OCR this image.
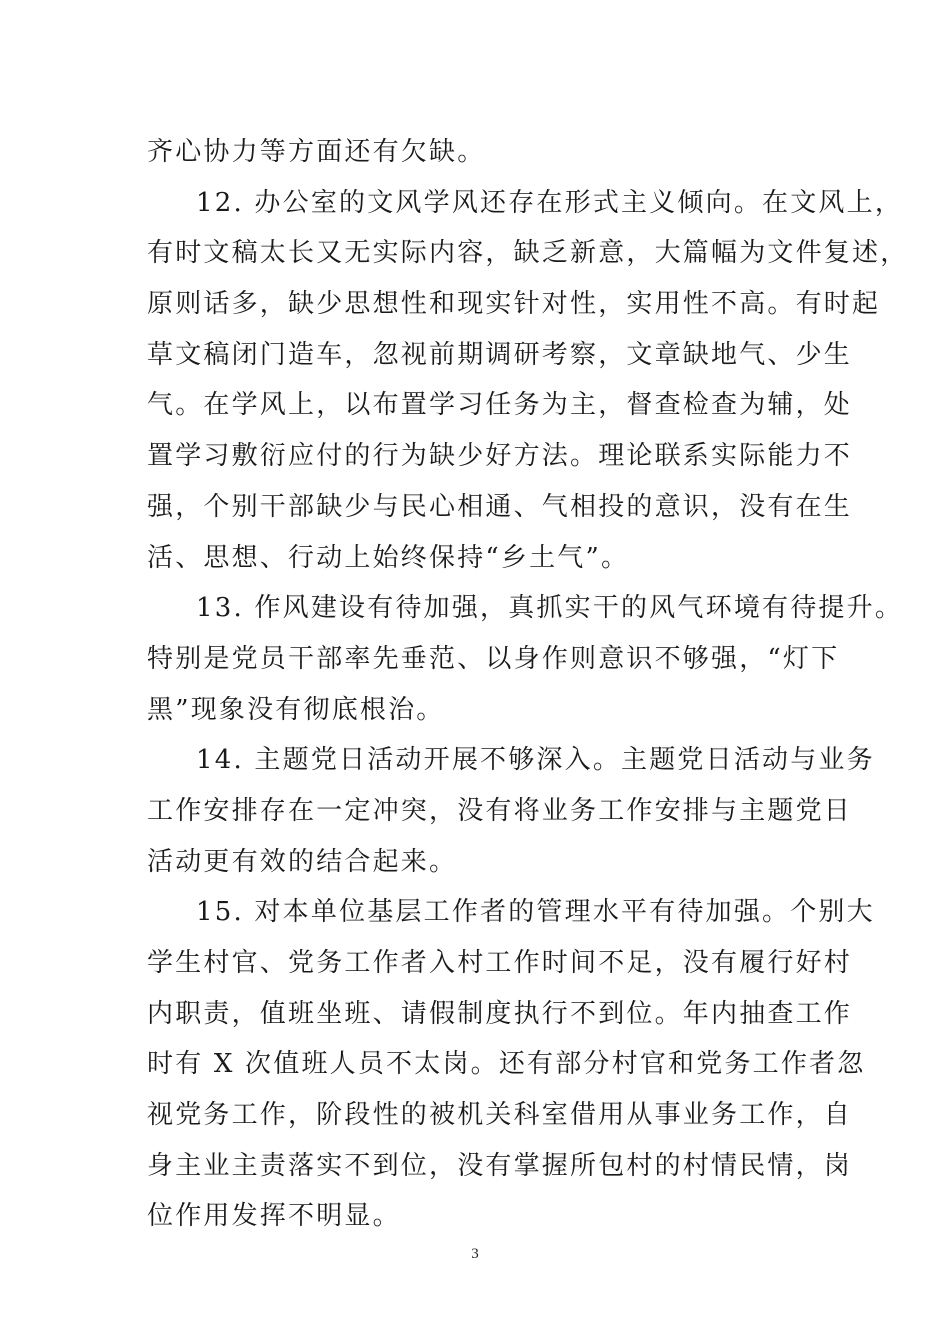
齐心协力等方面还有欠缺。
12. 办公室的文风学风还存在形式主义倾向。在文风上，
有时文稿太长又无实际内容，缺乏新意，大篇幅为文件复述，
原则话多，缺少思想性和现实针对性，实用性不高。有时起
草文稿闭门造车，忽视前期调研考察，文章缺地气、少生
气。在学风上，以布置学习任务为主，督查检查为辅，处
置学习敷衍应付的行为缺少好方法。理论联系实际能力不
强，个别干部缺少与民心相通、气相投的意识，没有在生
活、思想、行动上始终保持“乡土气”。
13. 作风建设有待加强，真抓实干的风气环境有待提升。
特别是党员干部率先垂范、以身作则意识不够强，“灯下
黑”现象没有彻底根治。
14. 主题党日活动开展不够深入。主题党日活动与业务
工作安排存在一定冲突，没有将业务工作安排与主题党日
活动更有效的结合起来。
15. 对本单位基层工作者的管理水平有待加强。个别大
学生村官、党务工作者入村工作时间不足，没有履行好村
内职责，值班坐班、请假制度执行不到位。年内抽查工作
时有 X 次值班人员不太岗。还有部分村官和党务工作者忽
视党务工作，阶段性的被机关科室借用从事业务工作，自
身主业主责落实不到位，没有掌握所包村的村情民情，岗
位作用发挥不明显。
3
